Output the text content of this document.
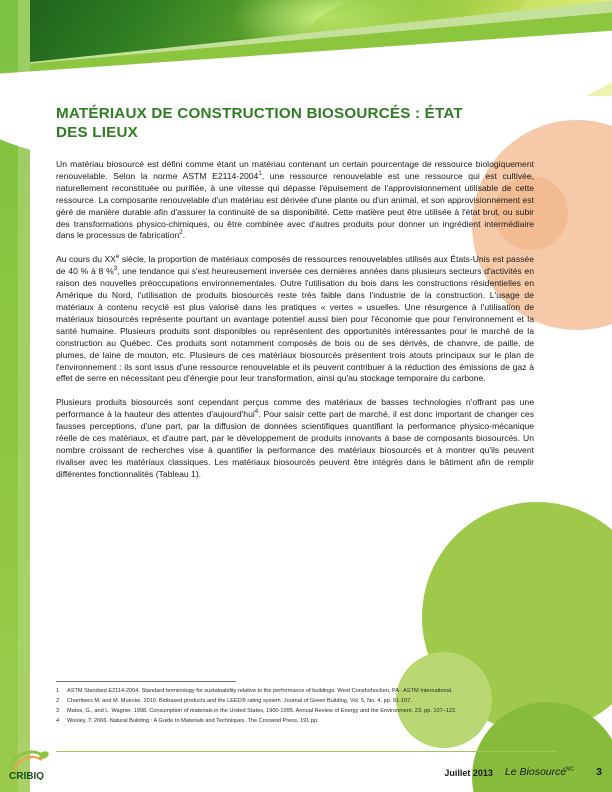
MATÉRIAUX DE CONSTRUCTION BIOSOURCÉS : ÉTAT DES LIEUX

Un matériau biosourcé est défini comme étant un matériau contenant un certain pourcentage de ressource biologiquement renouvelable. Selon la norme ASTM E2114-2004$^1$, une ressource renouvelable est une ressource qui est cultivée, naturellement reconstituée ou purifiée, à une vitesse qui dépasse l'épuisement de l'approvisionnement utilisable de cette ressource. La composante renouvelable d'un matériau est dérivée d'une plante ou d'un animal, et son approvisionnement est géré de manière durable afin d'assurer la continuité de sa disponibilité. Cette matière peut être utilisée à l'état brut, ou subir des transformations physico-chimiques, ou être combinée avec d'autres produits pour donner un ingrédient intermédiaire dans le processus de fabrication$^2$.

Au cours du XXe siècle, la proportion de matériaux composés de ressources renouvelables utilisés aux États-Unis est passée de 40 % à 8 %$^3$, une tendance qui s'est heureusement inversée ces dernières années dans plusieurs secteurs d'activités en raison des nouvelles préoccupations environnementales. Outre l'utilisation du bois dans les constructions résidentielles en Amérique du Nord, l'utilisation de produits biosourcés reste très faible dans l'industrie de la construction. L'usage de matériaux à contenu recyclé est plus valorisé dans les pratiques « vertes » usuelles. Une résurgence à l'utilisation de matériaux biosourcés représente pourtant un avantage potentiel aussi bien pour l'économie que pour l'environnement et la santé humaine. Plusieurs produits sont disponibles ou représentent des opportunités intéressantes pour le marché de la construction au Québec. Ces produits sont notamment composés de bois ou de ses dérivés, de chanvre, de paille, de plumes, de laine de mouton, etc. Plusieurs de ces matériaux biosourcés présentent trois atouts principaux sur le plan de l'environnement : ils sont issus d'une ressource renouvelable et ils peuvent contribuer à la réduction des émissions de gaz à effet de serre en nécessitant peu d'énergie pour leur transformation, ainsi qu'au stockage temporaire du carbone.

Plusieurs produits biosourcés sont cependant perçus comme des matériaux de basses technologies n'offrant pas une performance à la hauteur des attentes d'aujourd'hui$^4$. Pour saisir cette part de marché, il est donc important de changer ces fausses perceptions, d'une part, par la diffusion de données scientifiques quantifiant la performance physico-mécanique réelle de ces matériaux, et d'autre part, par le développement de produits innovants à base de composants biosourcés. Un nombre croissant de recherches vise à quantifier la performance des matériaux biosourcés et à montrer qu'ils peuvent rivaliser avec les matériaux classiques. Les matériaux biosourcés peuvent être intégrés dans le bâtiment afin de remplir différentes fonctionnalités (Tableau 1).

1	ASTM Standard E2114-2004. Standard terminology for sustainability relative to the performance of buildings. West Conshohocken, PA : ASTM International.
2	Chambers M. and M. Muecke. 2010. Biobased products and the LEED® rating system. Journal of Green Building. Vol. 5, No. 4, pp. 91-107.
3	Matos, G., and L. Wagner. 1998. Consumption of materials in the United States, 1900-1995. Annual Review of Energy and the Environment, 23, pp. 107–122.
4	Wooley, T. 2006. Natural Building : A Guide to Materials and Techniques. The Croowod Press, 191 pp.
Juillet 2013 Le Biosourcé$^{MC}$	3
CRIBIQ
